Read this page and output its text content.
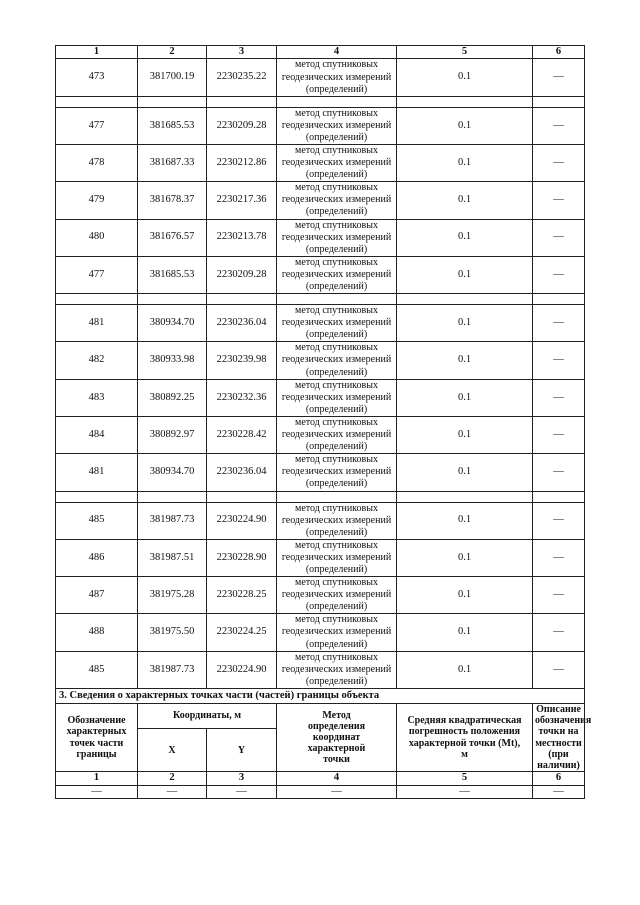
1	2	3	4	5	6
473	381700.19	2230235.22	метод спутниковых
геодезических измерений
(определений)	0.1	—

477	381685.53	2230209.28	метод спутниковых
геодезических измерений
(определений)	0.1	—
478	381687.33	2230212.86	метод спутниковых
геодезических измерений
(определений)	0.1	—
479	381678.37	2230217.36	метод спутниковых
геодезических измерений
(определений)	0.1	—
480	381676.57	2230213.78	метод спутниковых
геодезических измерений
(определений)	0.1	—
477	381685.53	2230209.28	метод спутниковых
геодезических измерений
(определений)	0.1	—

481	380934.70	2230236.04	метод спутниковых
геодезических измерений
(определений)	0.1	—
482	380933.98	2230239.98	метод спутниковых
геодезических измерений
(определений)	0.1	—
483	380892.25	2230232.36	метод спутниковых
геодезических измерений
(определений)	0.1	—
484	380892.97	2230228.42	метод спутниковых
геодезических измерений
(определений)	0.1	—
481	380934.70	2230236.04	метод спутниковых
геодезических измерений
(определений)	0.1	—

485	381987.73	2230224.90	метод спутниковых
геодезических измерений
(определений)	0.1	—
486	381987.51	2230228.90	метод спутниковых
геодезических измерений
(определений)	0.1	—
487	381975.28	2230228.25	метод спутниковых
геодезических измерений
(определений)	0.1	—
488	381975.50	2230224.25	метод спутниковых
геодезических измерений
(определений)	0.1	—
485	381987.73	2230224.90	метод спутниковых
геодезических измерений
(определений)	0.1	—
3. Сведения о характерных точках части (частей) границы объекта					
Обозначение
характерных
точек части
границы	Координаты, м		Метод
определения
координат
характерной
точки	Средняя квадратическая
погрешность положения
характерной точки (Mt),
м	Описание
обозначения
точки на
местности (при
наличии)
	X	Y			
1	2	3	4	5	6
—	—	—	—	—	—
